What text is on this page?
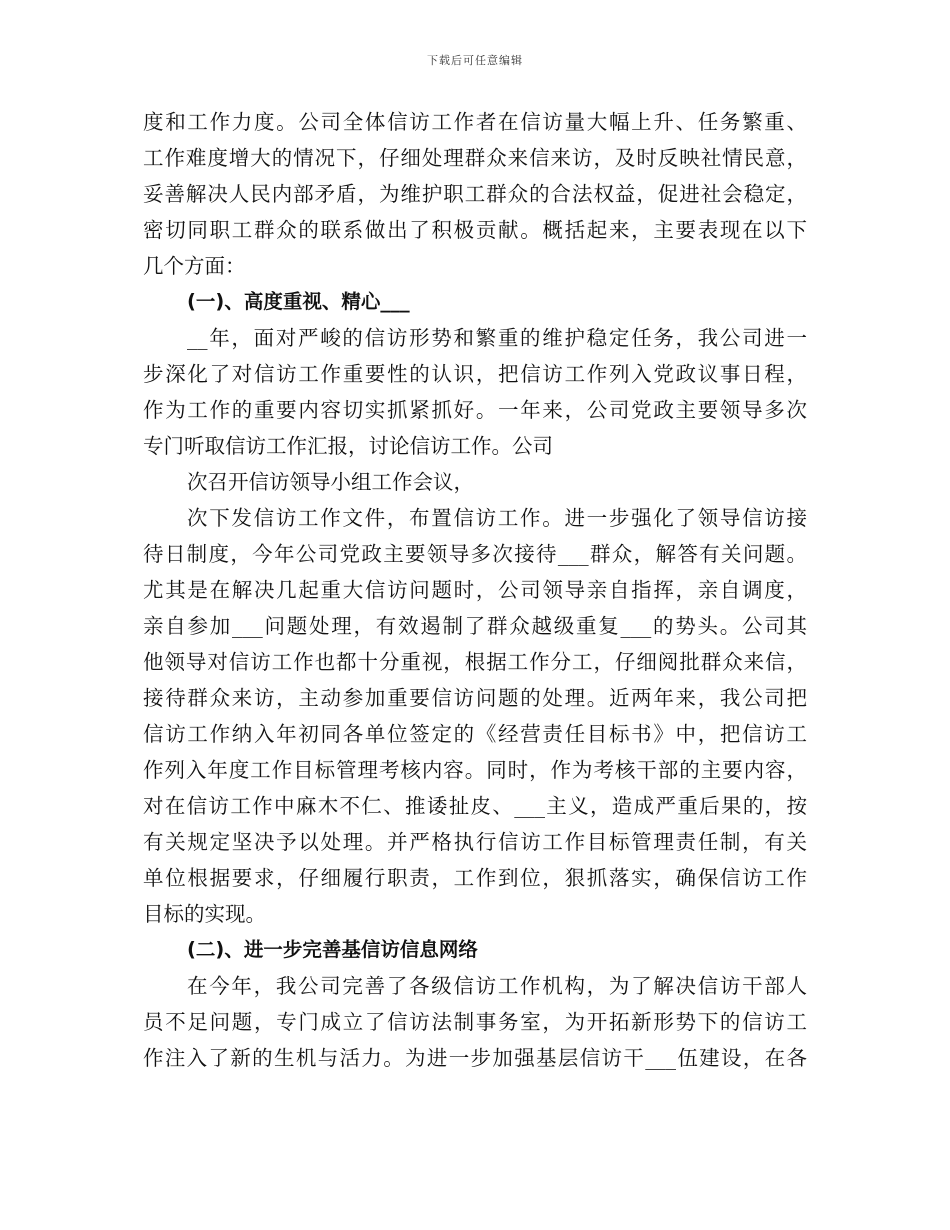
下载后可任意编辑
度和工作力度。公司全体信访工作者在信访量大幅上升、任务繁重、
工作难度增大的情况下，仔细处理群众来信来访，及时反映社情民意，
妥善解决人民内部矛盾，为维护职工群众的合法权益，促进社会稳定，
密切同职工群众的联系做出了积极贡献。概括起来，主要表现在以下
几个方面：
(一)、高度重视、精心___
__年，面对严峻的信访形势和繁重的维护稳定任务，我公司进一
步深化了对信访工作重要性的认识，把信访工作列入党政议事日程，
作为工作的重要内容切实抓紧抓好。一年来，公司党政主要领导多次
专门听取信访工作汇报，讨论信访工作。公司
次召开信访领导小组工作会议，
次下发信访工作文件，布置信访工作。进一步强化了领导信访接
待日制度，今年公司党政主要领导多次接待___群众，解答有关问题。
尤其是在解决几起重大信访问题时，公司领导亲自指挥，亲自调度，
亲自参加___问题处理，有效遏制了群众越级重复___的势头。公司其
他领导对信访工作也都十分重视，根据工作分工，仔细阅批群众来信，
接待群众来访，主动参加重要信访问题的处理。近两年来，我公司把
信访工作纳入年初同各单位签定的《经营责任目标书》中，把信访工
作列入年度工作目标管理考核内容。同时，作为考核干部的主要内容，
对在信访工作中麻木不仁、推诿扯皮、___主义，造成严重后果的，按
有关规定坚决予以处理。并严格执行信访工作目标管理责任制，有关
单位根据要求，仔细履行职责，工作到位，狠抓落实，确保信访工作
目标的实现。
(二)、进一步完善基信访信息网络
在今年，我公司完善了各级信访工作机构，为了解决信访干部人
员不足问题，专门成立了信访法制事务室，为开拓新形势下的信访工
作注入了新的生机与活力。为进一步加强基层信访干___伍建设，在各
